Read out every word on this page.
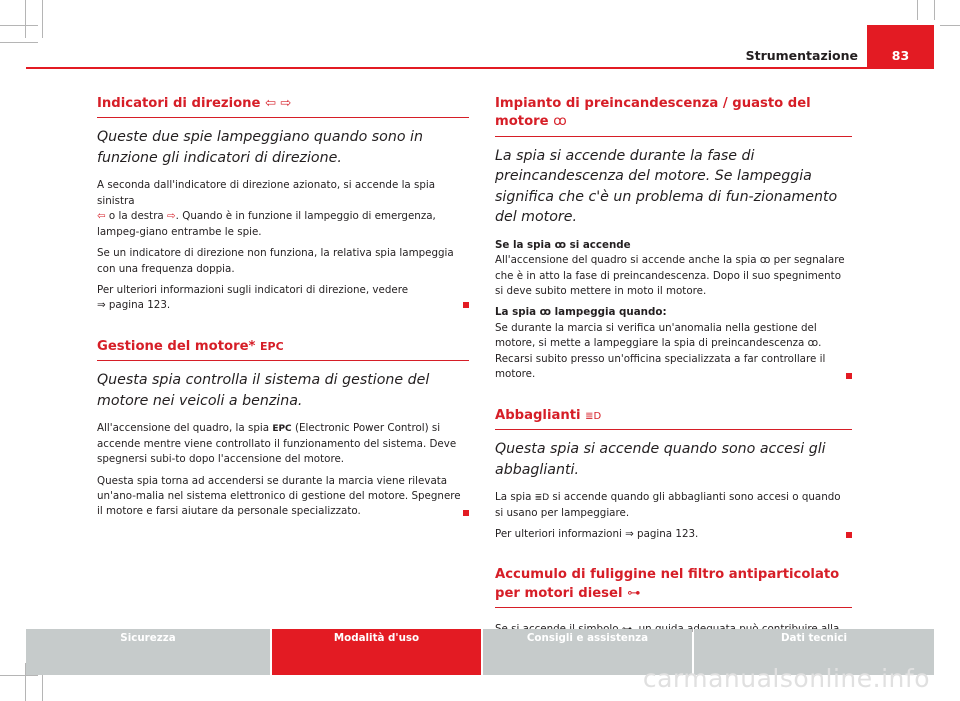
Strumentazione	83
Indicatori di direzione ⇦ ⇨
Queste due spie lampeggiano quando sono in funzione gli indicatori di direzione.
A seconda dall'indicatore di direzione azionato, si accende la spia sinistra
⇦ o la destra ⇨. Quando è in funzione il lampeggio di emergenza, lampeg-giano entrambe le spie.
Se un indicatore di direzione non funziona, la relativa spia lampeggia con una frequenza doppia.
Per ulteriori informazioni sugli indicatori di direzione, vedere
⇒ pagina 123.
Gestione del motore* EPC
Questa spia controlla il sistema di gestione del motore nei veicoli a benzina.
All'accensione del quadro, la spia EPC (Electronic Power Control) si accende mentre viene controllato il funzionamento del sistema. Deve spegnersi subi-to dopo l'accensione del motore.
Questa spia torna ad accendersi se durante la marcia viene rilevata un'ano-malia nel sistema elettronico di gestione del motore. Spegnere il motore e farsi aiutare da personale specializzato.
Impianto di preincandescenza / guasto del motore ꝏ
La spia si accende durante la fase di preincandescenza del motore. Se lampeggia significa che c'è un problema di fun-zionamento del motore.
Se la spia ꝏ si accende
All'accensione del quadro si accende anche la spia ꝏ per segnalare che è in atto la fase di preincandescenza. Dopo il suo spegnimento si deve subito mettere in moto il motore.
La spia ꝏ lampeggia quando:
Se durante la marcia si verifica un'anomalia nella gestione del motore, si mette a lampeggiare la spia di preincandescenza ꝏ. Recarsi subito presso un'officina specializzata a far controllare il motore.
Abbaglianti ≣D
Questa spia si accende quando sono accesi gli abbaglianti.
La spia ≣D si accende quando gli abbaglianti sono accesi o quando si usano per lampeggiare.
Per ulteriori informazioni ⇒ pagina 123.
Accumulo di fuliggine nel filtro antiparticolato per motori diesel ⊶
Sicurezza	Modalità d'uso	Consigli e assistenza	Dati tecnici
carmanualsonline.info
